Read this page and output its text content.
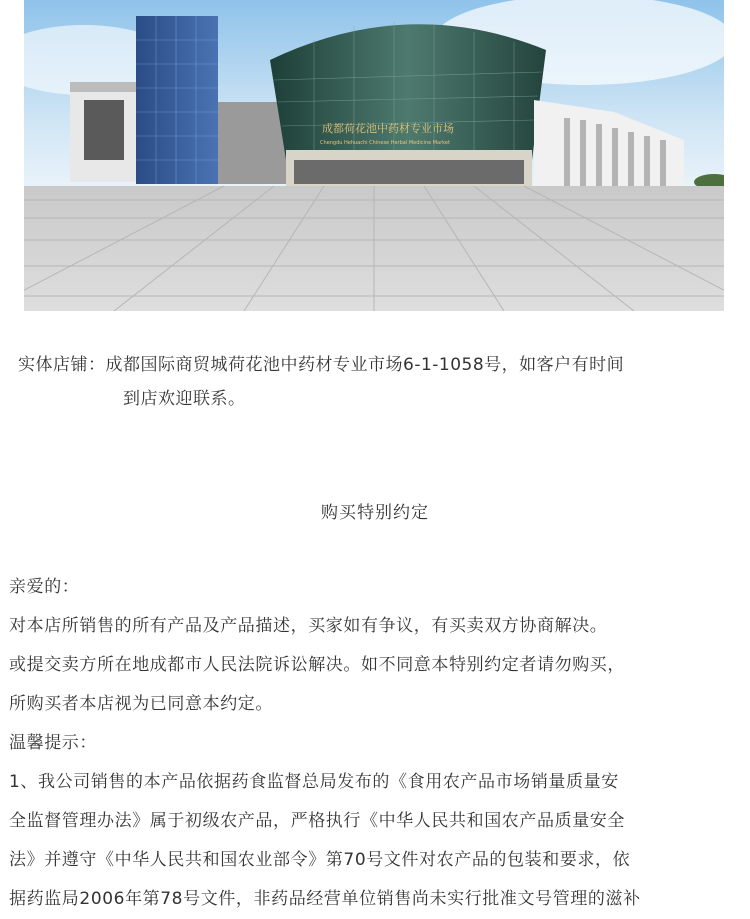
成都荷花池中药材专业市场
Chengdu Hehuachi Chinese Herbal Medicine Market
实体店铺：成都国际商贸城荷花池中药材专业市场6-1-1058号，如客户有时间
到店欢迎联系。
购买特别约定

亲爱的：

对本店所销售的所有产品及产品描述，买家如有争议，有买卖双方协商解决。

或提交卖方所在地成都市人民法院诉讼解决。如不同意本特别约定者请勿购买，

所购买者本店视为已同意本约定。

温馨提示：

1、我公司销售的本产品依据药食监督总局发布的《食用农产品市场销量质量安

全监督管理办法》属于初级农产品，严格执行《中华人民共和国农产品质量安全

法》并遵守《中华人民共和国农业部令》第70号文件对农产品的包装和要求，依

据药监局2006年第78号文件，非药品经营单位销售尚未实行批准文号管理的滋补
